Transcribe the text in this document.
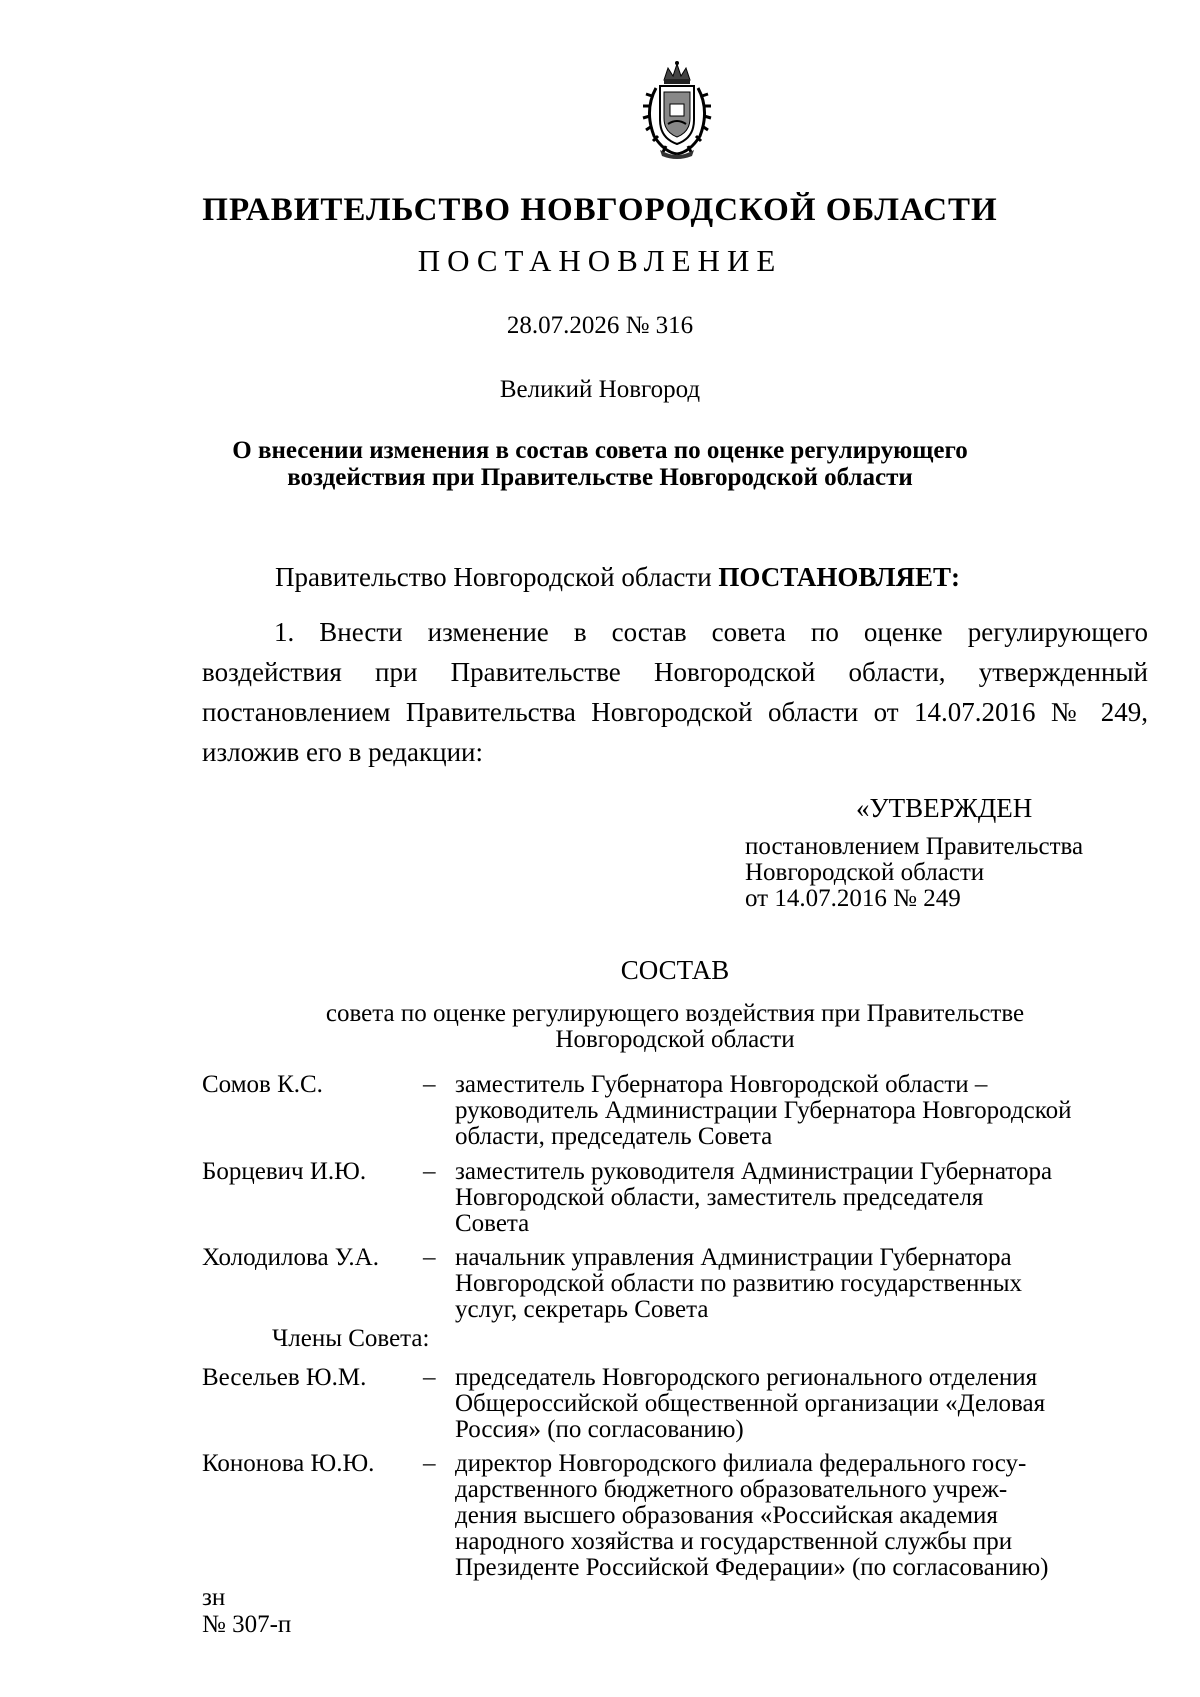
ПРАВИТЕЛЬСТВО НОВГОРОДСКОЙ ОБЛАСТИ
ПОСТАНОВЛЕНИЕ
28.07.2026 № 316
Великий Новгород
О внесении изменения в состав совета по оценке регулирующего
воздействия при Правительстве Новгородской области
Правительство Новгородской области ПОСТАНОВЛЯЕТ:
1. Внести изменение в состав совета по оценке регулирующего воздействия при Правительстве Новгородской области, утвержденный постановлением Правительства Новгородской области от 14.07.2016 № 249, изложив его в редакции:
«УТВЕРЖДЕН
постановлением Правительства
Новгородской области
от 14.07.2016 № 249
СОСТАВ
совета по оценке регулирующего воздействия при Правительстве
Новгородской области
Сомов К.С.	– заместитель Губернатора Новгородской области –
руководитель Администрации Губернатора Новгородской
области, председатель Совета
Борцевич И.Ю. – заместитель руководителя Администрации Губернатора
Новгородской области, заместитель председателя
Совета
Холодилова У.А. – начальник управления Администрации Губернатора
Новгородской области по развитию государственных
услуг, секретарь Совета
Члены Совета:
Весельев Ю.М. – председатель Новгородского регионального отделения
Общероссийской общественной организации «Деловая
Россия» (по согласованию)
Кононова Ю.Ю. – директор Новгородского филиала федерального госу-
дарственного бюджетного образовательного учреж-
дения высшего образования «Российская академия
народного хозяйства и государственной службы при
Президенте Российской Федерации» (по согласованию)
зн
№ 307-п
